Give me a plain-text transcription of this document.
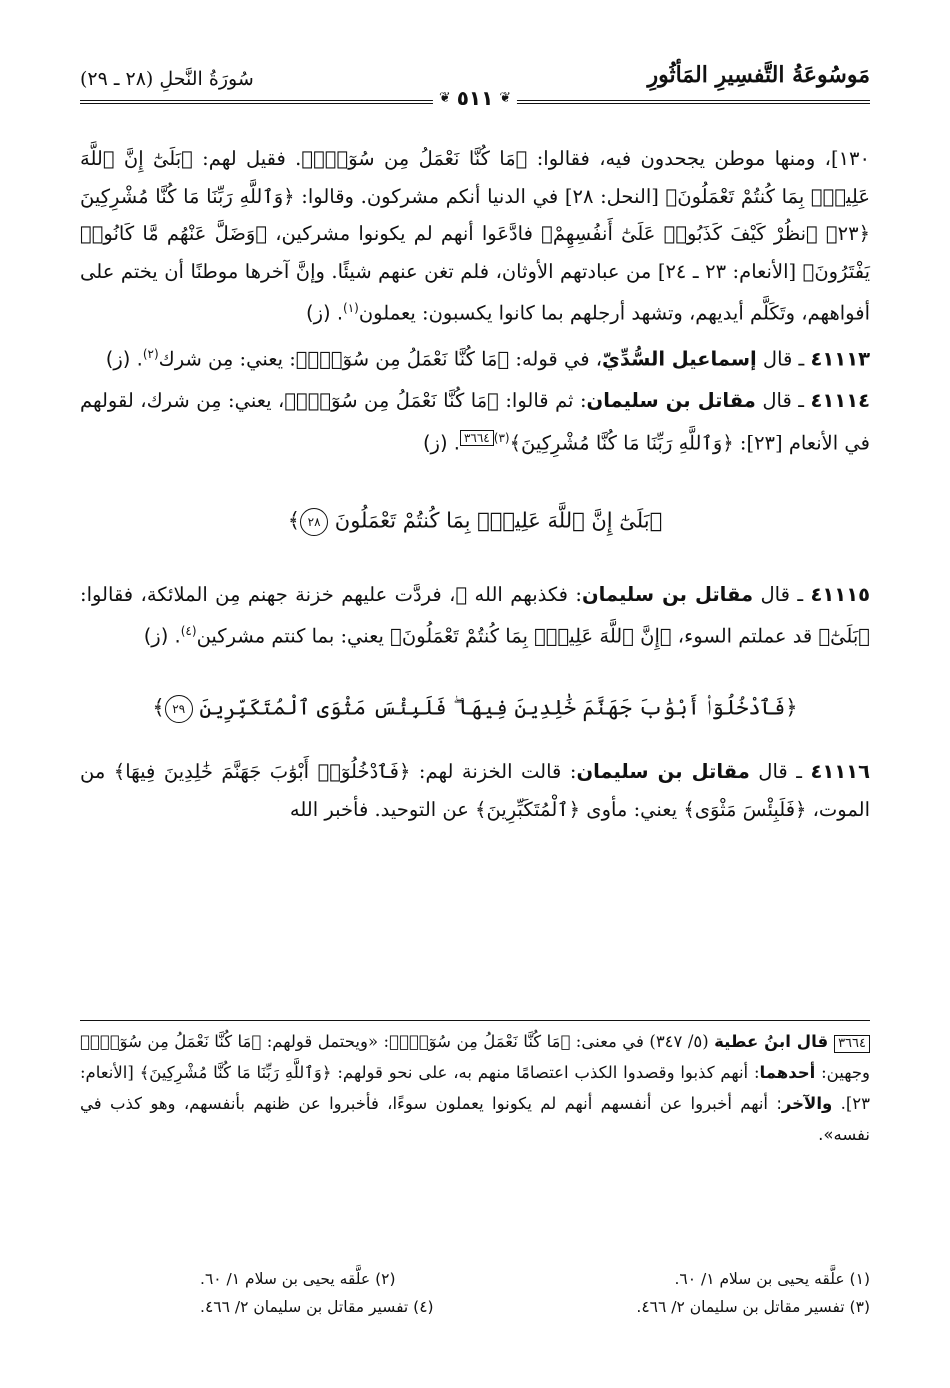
مَوسُوعَةُ التَّفسِيرِ المَأثُورِ
سُورَةُ النَّحلِ (٢٨ ـ ٢٩)
❦
٥١١
❦

١٣٠]، ومنها موطن يجحدون فيه، فقالوا: ﴿مَا كُنَّا نَعْمَلُ مِن سُوٓءٍۭ﴾. فقيل لهم: ﴿بَلَىٰٓ إِنَّ ٱللَّهَ عَلِيمُۢ بِمَا كُنتُمْ تَعْمَلُونَ﴾ [النحل: ٢٨] في الدنيا أنكم مشركون. وقالوا: ﴿وَٱللَّهِ رَبِّنَا مَا كُنَّا مُشْرِكِينَ ﴿٢٣﴾ ٱنظُرْ كَيْفَ كَذَبُوا۟ عَلَىٰٓ أَنفُسِهِمْ﴾ فادَّعَوا أنهم لم يكونوا مشركين، ﴿وَضَلَّ عَنْهُم مَّا كَانُوا۟ يَفْتَرُونَ﴾ [الأنعام: ٢٣ ـ ٢٤] من عبادتهم الأوثان، فلم تغن عنهم شيئًا. وإنَّ آخرها موطنًا أن يختم على أفواههم، وتَكَلَّم أيديهم، وتشهد أرجلهم بما كانوا يكسبون: يعملون$^{(١)}$. (ز)

٤١١١٣ ـ قال إسماعيل السُّدِّيّ، في قوله: ﴿مَا كُنَّا نَعْمَلُ مِن سُوٓءٍۭ﴾: يعني: مِن شرك$^{(٢)}$. (ز)

٤١١١٤ ـ قال مقاتل بن سليمان: ثم قالوا: ﴿مَا كُنَّا نَعْمَلُ مِن سُوٓءٍۭ﴾، يعني: مِن شرك، لقولهم في الأنعام [٢٣]: ﴿وَٱللَّهِ رَبِّنَا مَا كُنَّا مُشْرِكِينَ﴾$^{(٣)}$٣٦٦٤. (ز)

﴿بَلَىٰٓ إِنَّ ٱللَّهَ عَلِيمُۢ بِمَا كُنتُمْ تَعْمَلُونَ ٢٨﴾

٤١١١٥ ـ قال مقاتل بن سليمان: فكذبهم الله ﷻ، فردَّت عليهم خزنة جهنم مِن الملائكة، فقالوا: ﴿بَلَىٰٓ﴾ قد عملتم السوء، ﴿إِنَّ ٱللَّهَ عَلِيمُۢ بِمَا كُنتُمْ تَعْمَلُونَ﴾ يعني: بما كنتم مشركين$^{(٤)}$. (ز)

﴿فَٱدْخُلُوٓا۟ أَبْوَٰبَ جَهَنَّمَ خَٰلِدِينَ فِيهَا ۖ فَلَبِئْسَ مَثْوَى ٱلْمُتَكَبِّرِينَ ٢٩﴾

٤١١١٦ ـ قال مقاتل بن سليمان: قالت الخزنة لهم: ﴿فَٱدْخُلُوٓا۟ أَبْوَٰبَ جَهَنَّمَ خَٰلِدِينَ فِيهَا﴾ من الموت، ﴿فَلَبِئْسَ مَثْوَى﴾ يعني: مأوى ﴿ٱلْمُتَكَبِّرِينَ﴾ عن التوحيد. فأخبر الله

٣٦٦٤ قال ابنُ عطية (٥/ ٣٤٧) في معنى: ﴿مَا كُنَّا نَعْمَلُ مِن سُوٓءٍۭ﴾: «ويحتمل قولهم: ﴿مَا كُنَّا نَعْمَلُ مِن سُوٓءٍۭ﴾ وجهين: أحدهما: أنهم كذبوا وقصدوا الكذب اعتصامًا منهم به، على نحو قولهم: ﴿وَٱللَّهِ رَبِّنَا مَا كُنَّا مُشْرِكِينَ﴾ [الأنعام: ٢٣]. والآخر: أنهم أخبروا عن أنفسهم أنهم لم يكونوا يعملون سوءًا، فأخبروا عن ظنهم بأنفسهم، وهو كذب في نفسه».

(١) علَّقه يحيى بن سلام ١/ ٦٠.
(٢) علَّقه يحيى بن سلام ١/ ٦٠.
(٣) تفسير مقاتل بن سليمان ٢/ ٤٦٦.
(٤) تفسير مقاتل بن سليمان ٢/ ٤٦٦.
